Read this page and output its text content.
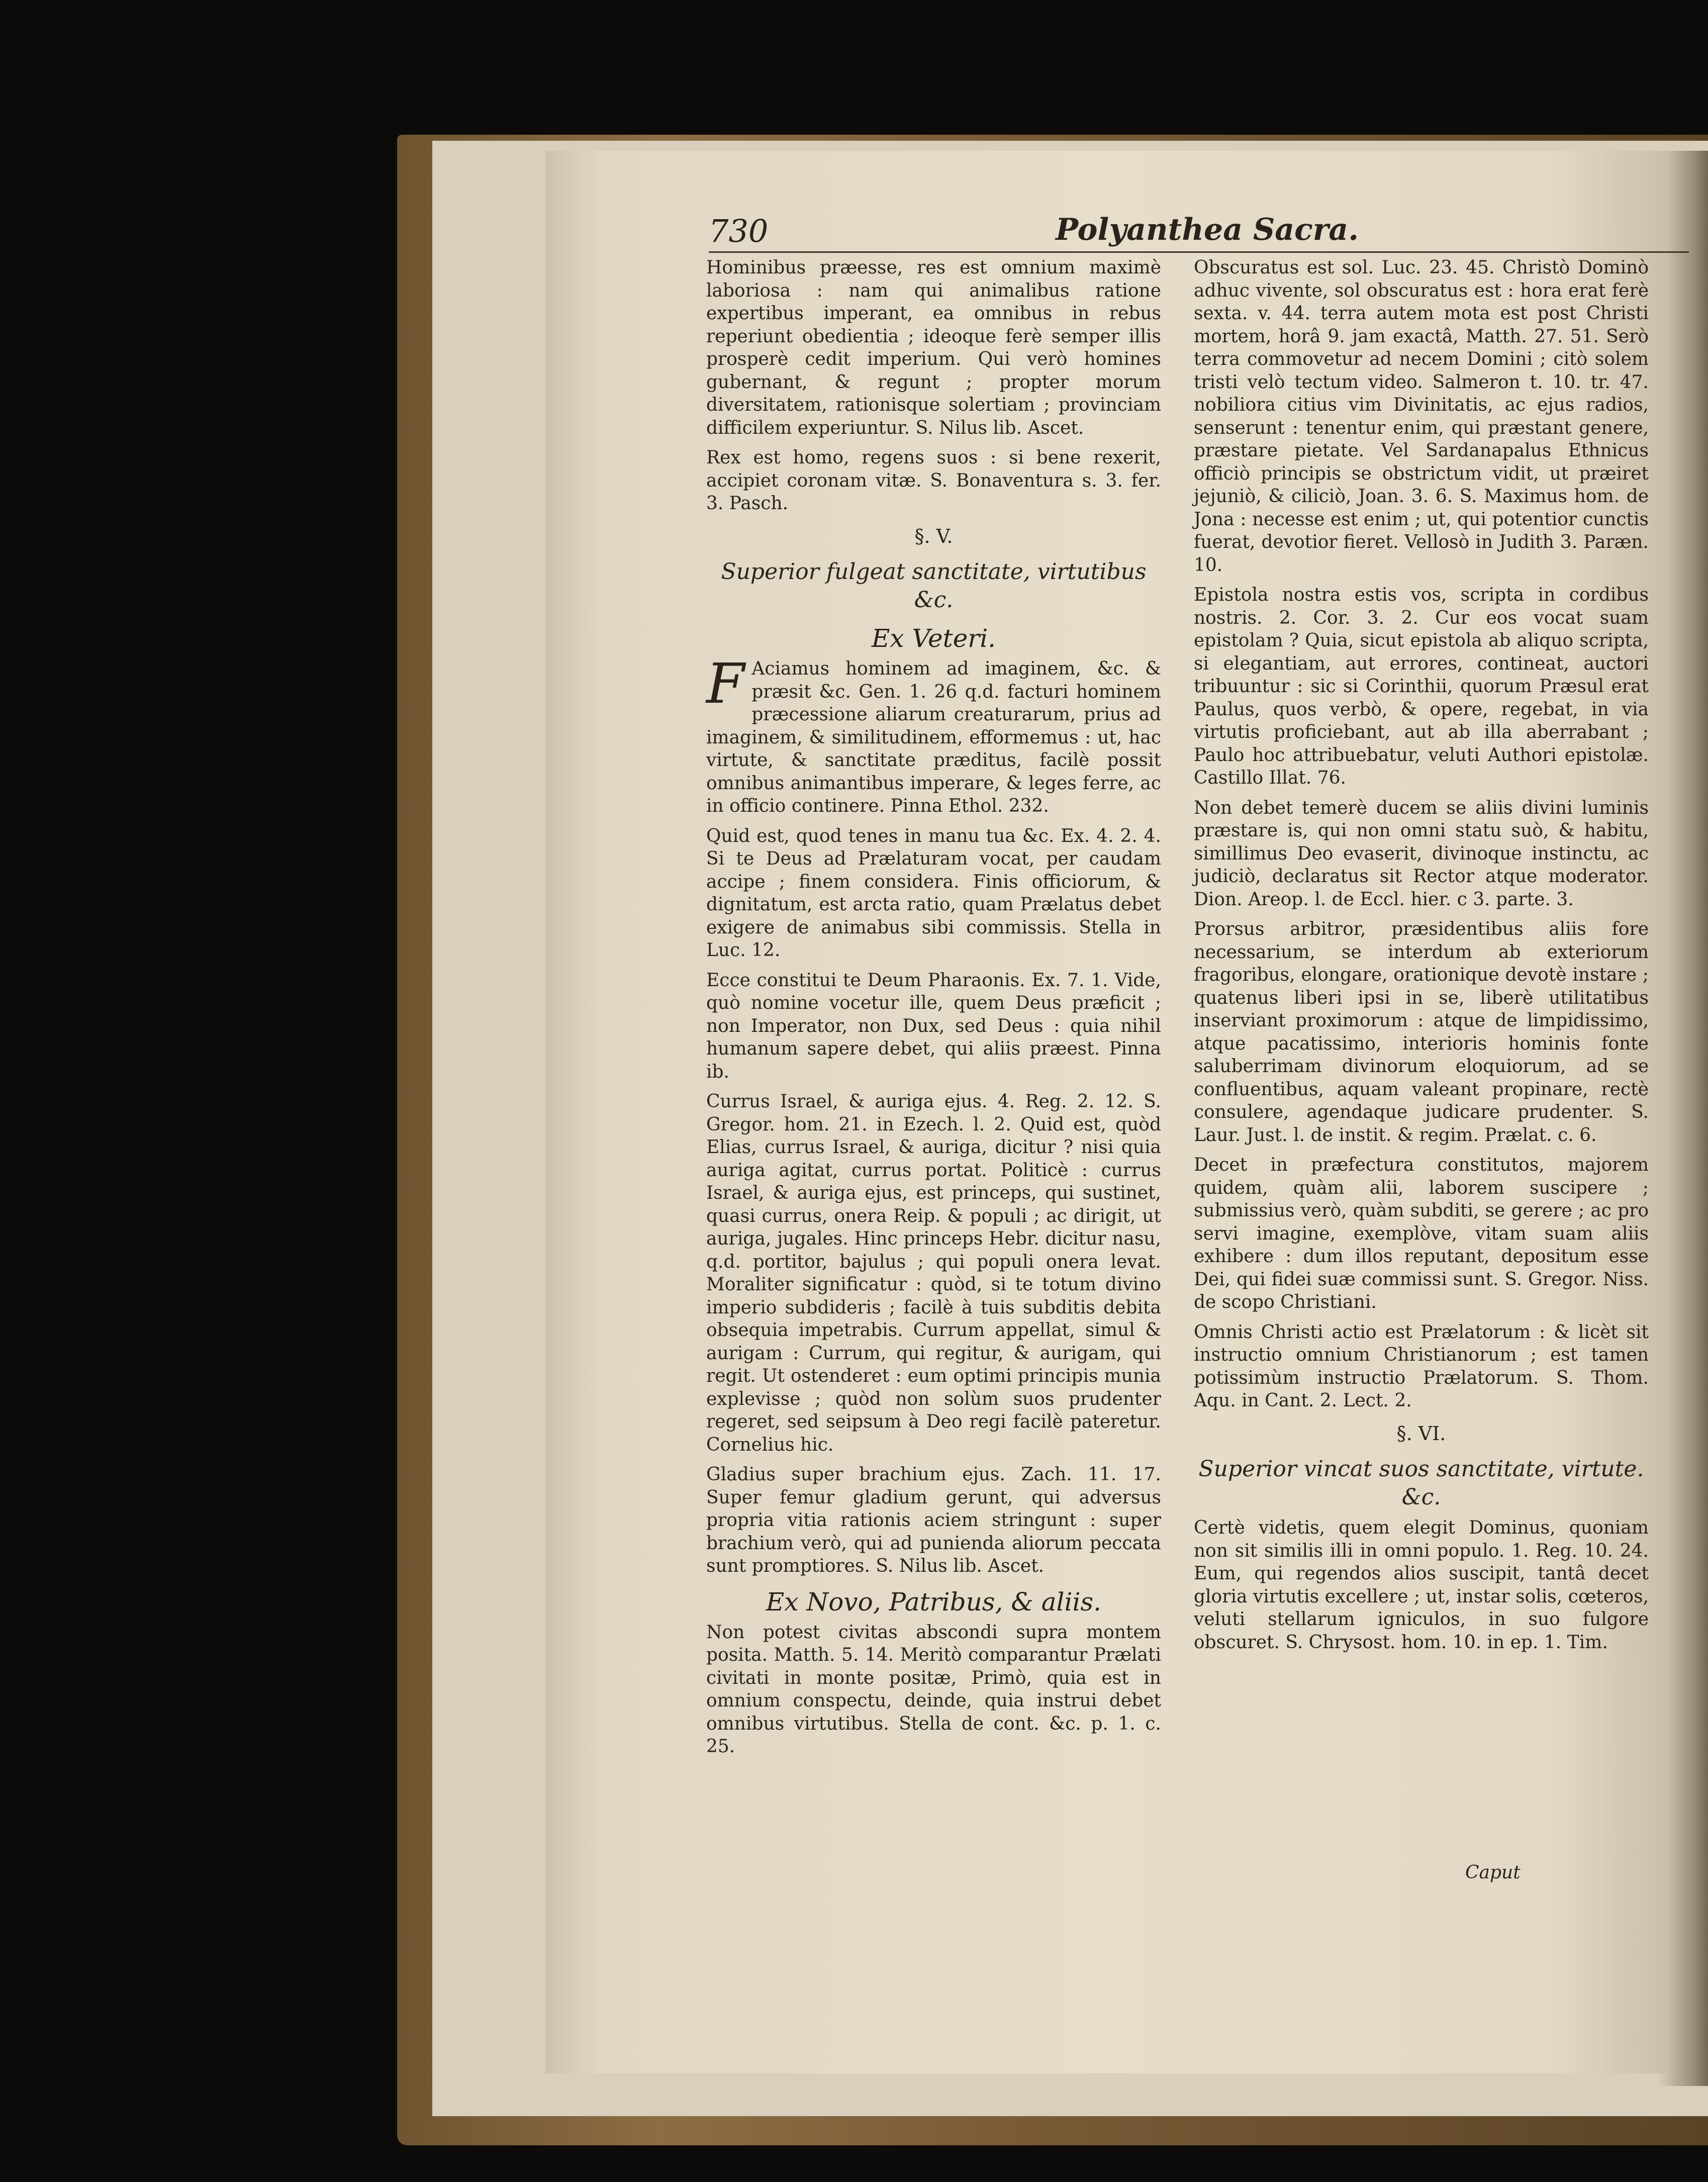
730	Polyanthea Sacra.

Hominibus præesse, res est omnium maximè laboriosa : nam qui animalibus ratione expertibus imperant, ea omnibus in rebus reperiunt obedientia ; ideoque ferè semper illis prosperè cedit imperium. Qui verò homines gubernant, & regunt ; propter morum diversitatem, rationisque solertiam ; provinciam difficilem experiuntur. S. Nilus lib. Ascet.

Rex est homo, regens suos : si bene rexerit, accipiet coronam vitæ. S. Bonaventura s. 3. fer. 3. Pasch.

§. V.
Superior fulgeat sanctitate, virtutibus &c.
Ex Veteri.

F Aciamus hominem ad imaginem, &c. & præsit &c. Gen. 1. 26 q.d. facturi hominem præcessione aliarum creaturarum, prius ad imaginem, & similitudinem, efformemus : ut, hac virtute, & sanctitate præditus, facilè possit omnibus animantibus imperare, & leges ferre, ac in officio continere. Pinna Ethol. 232.

Quid est, quod tenes in manu tua &c. Ex. 4. 2. 4. Si te Deus ad Prælaturam vocat, per caudam accipe ; finem considera. Finis officiorum, & dignitatum, est arcta ratio, quam Prælatus debet exigere de animabus sibi commissis. Stella in Luc. 12.

Ecce constitui te Deum Pharaonis. Ex. 7. 1. Vide, quò nomine vocetur ille, quem Deus præficit ; non Imperator, non Dux, sed Deus : quia nihil humanum sapere debet, qui aliis præest. Pinna ib.

Currus Israel, & auriga ejus. 4. Reg. 2. 12. S. Gregor. hom. 21. in Ezech. l. 2. Quid est, quòd Elias, currus Israel, & auriga, dicitur ? nisi quia auriga agitat, currus portat. Politicè : currus Israel, & auriga ejus, est princeps, qui sustinet, quasi currus, onera Reip. & populi ; ac dirigit, ut auriga, jugales. Hinc princeps Hebr. dicitur nasu, q.d. portitor, bajulus ; qui populi onera levat. Moraliter significatur : quòd, si te totum divino imperio subdideris ; facilè à tuis subditis debita obsequia impetrabis. Currum appellat, simul & aurigam : Currum, qui regitur, & aurigam, qui regit. Ut ostenderet : eum optimi principis munia explevisse ; quòd non solùm suos prudenter regeret, sed seipsum à Deo regi facilè pateretur. Cornelius hic.

Gladius super brachium ejus. Zach. 11. 17. Super femur gladium gerunt, qui adversus propria vitia rationis aciem stringunt : super brachium verò, qui ad punienda aliorum peccata sunt promptiores. S. Nilus lib. Ascet.

Ex Novo, Patribus, & aliis.

Non potest civitas abscondi supra montem posita. Matth. 5. 14. Meritò comparantur Prælati civitati in monte positæ, Primò, quia est in omnium conspectu, deinde, quia instrui debet omnibus virtutibus. Stella de cont. &c. p. 1. c. 25.

Obscuratus est sol. Luc. 23. 45. Christò Dominò adhuc vivente, sol obscuratus est : hora erat ferè sexta. v. 44. terra autem mota est post Christi mortem, horâ 9. jam exactâ, Matth. 27. 51. Serò terra commovetur ad necem Domini ; citò solem tristi velò tectum video. Salmeron t. 10. tr. 47. nobiliora citius vim Divinitatis, ac ejus radios, senserunt : tenentur enim, qui præstant genere, præstare pietate. Vel Sardanapalus Ethnicus officiò principis se obstrictum vidit, ut præiret jejuniò, & ciliciò, Joan. 3. 6. S. Maximus hom. de Jona : necesse est enim ; ut, qui potentior cunctis fuerat, devotior fieret. Vellosò in Judith 3. Paræn. 10.

Epistola nostra estis vos, scripta in cordibus nostris. 2. Cor. 3. 2. Cur eos vocat suam epistolam ? Quia, sicut epistola ab aliquo scripta, si elegantiam, aut errores, contineat, auctori tribuuntur : sic si Corinthii, quorum Præsul erat Paulus, quos verbò, & opere, regebat, in via virtutis proficiebant, aut ab illa aberrabant ; Paulo hoc attribuebatur, veluti Authori epistolæ. Castillo Illat. 76.

Non debet temerè ducem se aliis divini luminis præstare is, qui non omni statu suò, & habitu, simillimus Deo evaserit, divinoque instinctu, ac judiciò, declaratus sit Rector atque moderator. Dion. Areop. l. de Eccl. hier. c 3. parte. 3.

Prorsus arbitror, præsidentibus aliis fore necessarium, se interdum ab exteriorum fragoribus, elongare, orationique devotè instare ; quatenus liberi ipsi in se, liberè utilitatibus inserviant proximorum : atque de limpidissimo, atque pacatissimo, interioris hominis fonte saluberrimam divinorum eloquiorum, ad se confluentibus, aquam valeant propinare, rectè consulere, agendaque judicare prudenter. S. Laur. Just. l. de instit. & regim. Prælat. c. 6.

Decet in præfectura constitutos, majorem quidem, quàm alii, laborem suscipere ; submissius verò, quàm subditi, se gerere ; ac pro servi imagine, exemplòve, vitam suam aliis exhibere : dum illos reputant, depositum esse Dei, qui fidei suæ commissi sunt. S. Gregor. Niss. de scopo Christiani.

Omnis Christi actio est Prælatorum : & licèt sit instructio omnium Christianorum ; est tamen potissimùm instructio Prælatorum. S. Thom. Aqu. in Cant. 2. Lect. 2.

§. VI.
Superior vincat suos sanctitate, virtute. &c.

Certè videtis, quem elegit Dominus, quoniam non sit similis illi in omni populo. 1. Reg. 10. 24. Eum, qui regendos alios suscipit, tantâ decet gloria virtutis excellere ; ut, instar solis, cœteros, veluti stellarum igniculos, in suo fulgore obscuret. S. Chrysost. hom. 10. in ep. 1. Tim.

Caput
